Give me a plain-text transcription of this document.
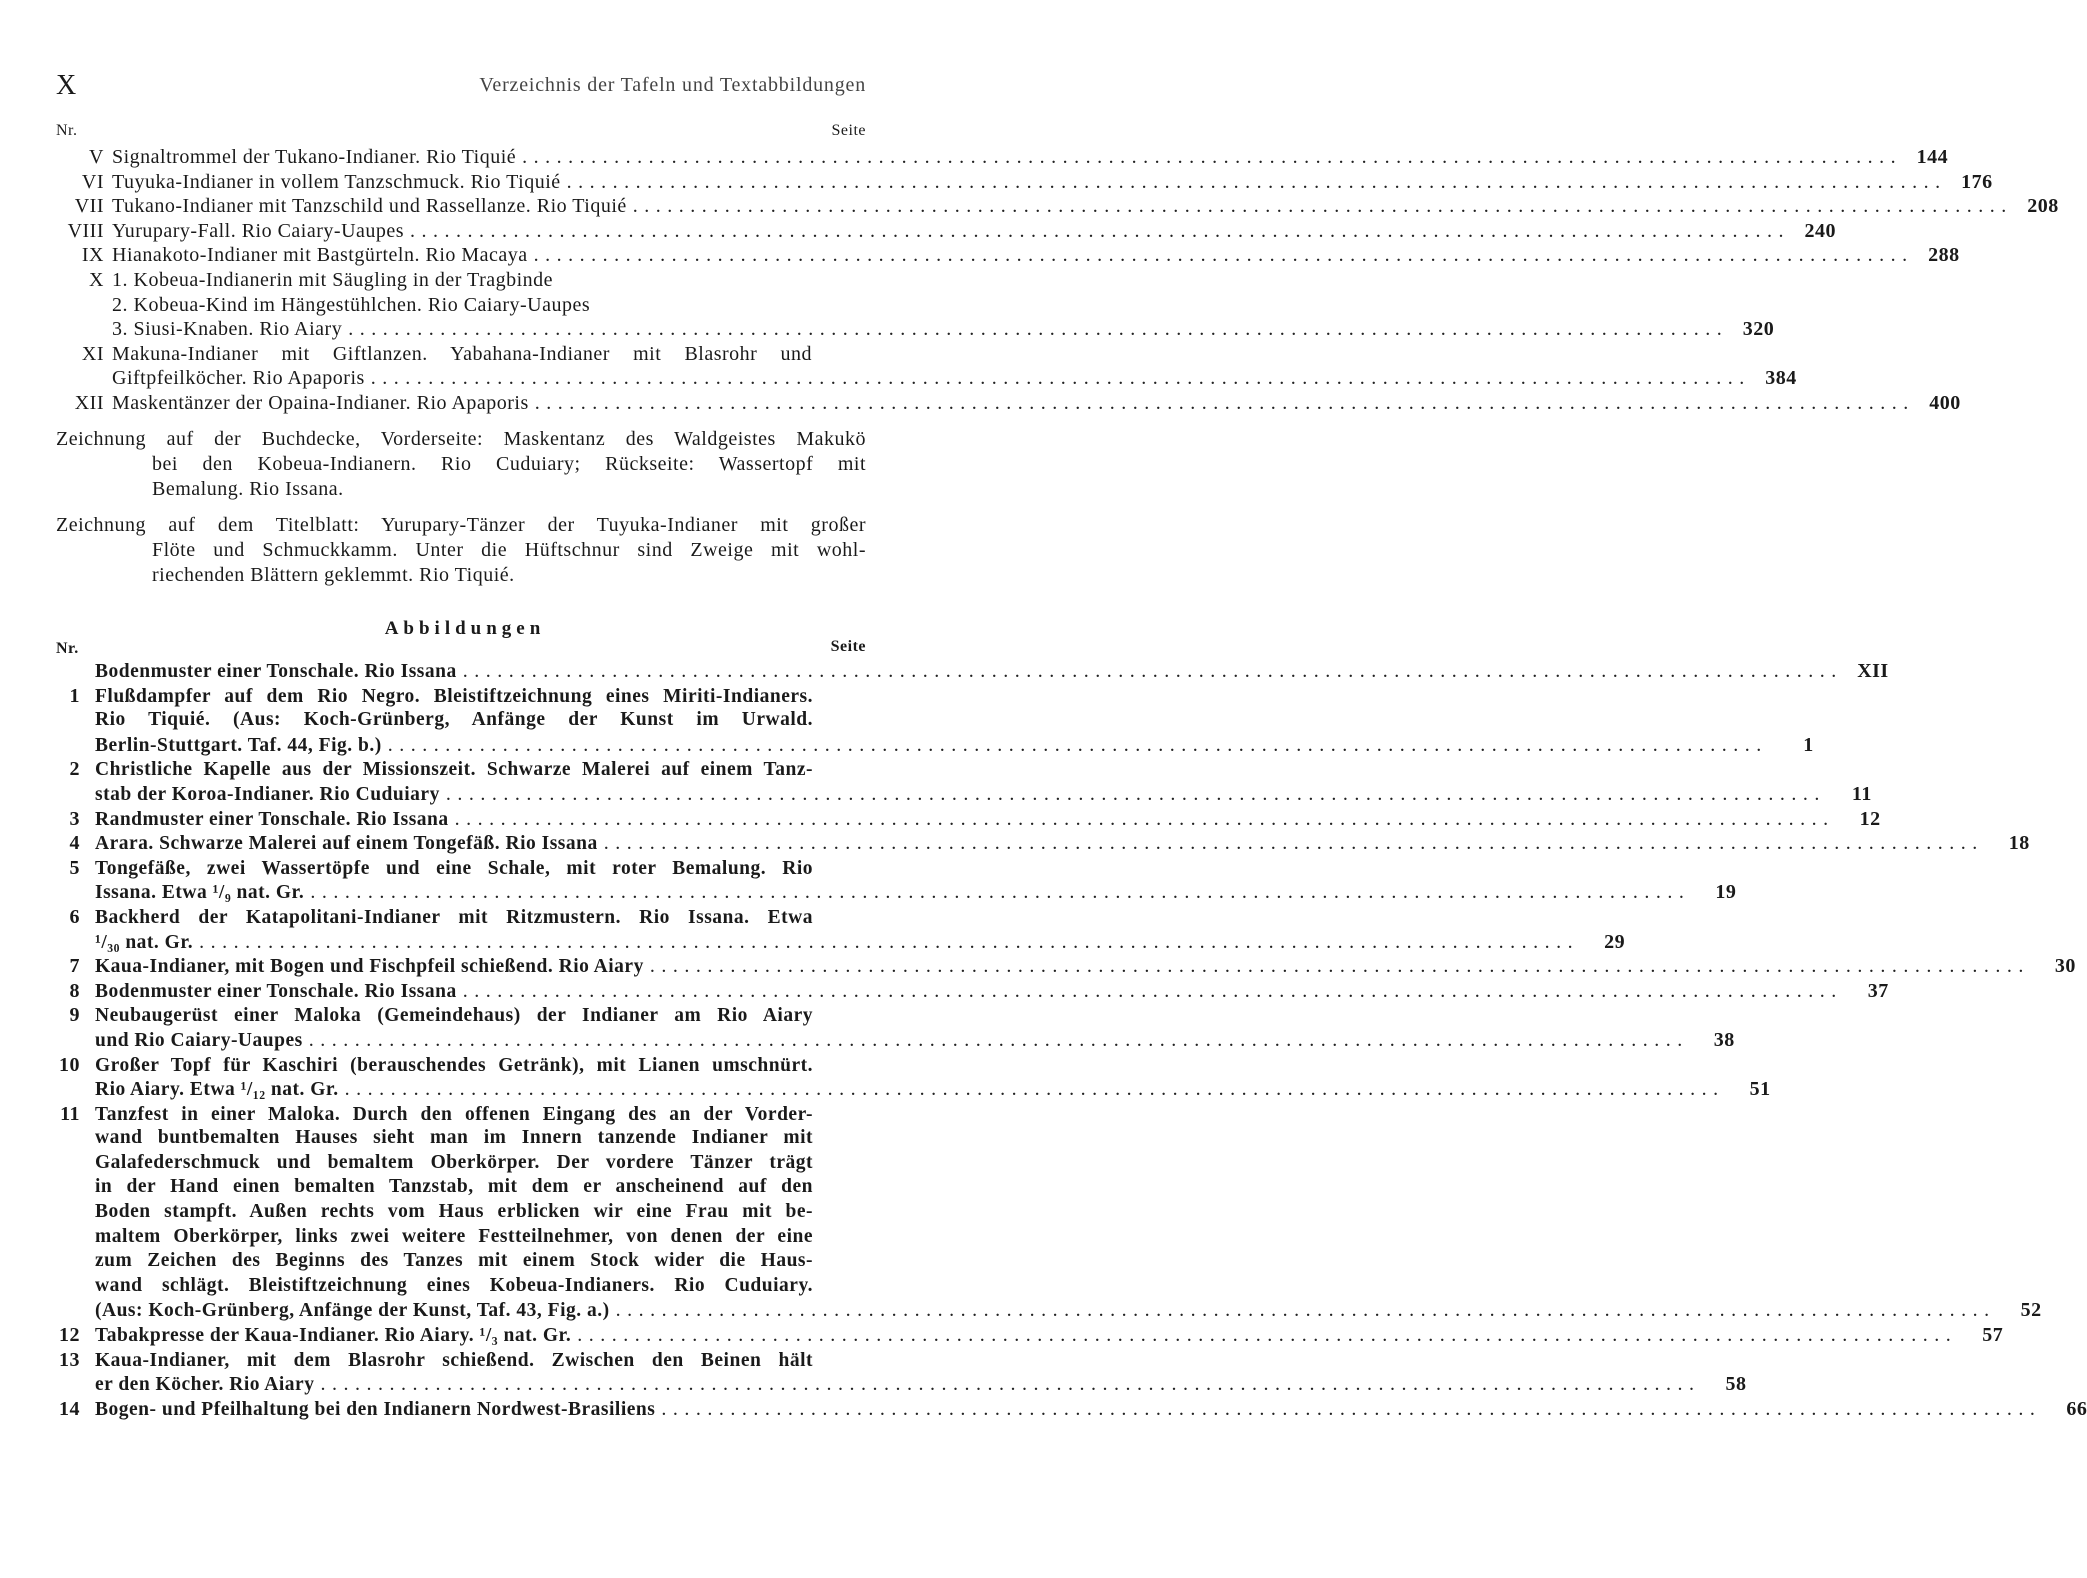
X	Verzeichnis der Tafeln und Textabbildungen
Nr.	Seite
V Signaltrommel der Tukano-Indianer. Rio Tiquié ........................................................................................................................ 144
VI Tuyuka-Indianer in vollem Tanzschmuck. Rio Tiquié ........................................................................................................................ 176
VII Tukano-Indianer mit Tanzschild und Rassellanze. Rio Tiquié ........................................................................................................................ 208
VIII Yurupary-Fall. Rio Caiary-Uaupes ........................................................................................................................ 240
IX Hianakoto-Indianer mit Bastgürteln. Rio Macaya ........................................................................................................................ 288
X 1. Kobeua-Indianerin mit Säugling in der Tragbinde
2. Kobeua-Kind im Hängestühlchen. Rio Caiary-Uaupes
3. Siusi-Knaben. Rio Aiary ........................................................................................................................ 320
XI Makuna-Indianer mit Giftlanzen. Yabahana-Indianer mit Blasrohr und
Giftpfeilköcher. Rio Apaporis ........................................................................................................................ 384
XII Maskentänzer der Opaina-Indianer. Rio Apaporis ........................................................................................................................ 400
Zeichnung auf der Buchdecke, Vorderseite: Maskentanz des Waldgeistes Makukö
bei den Kobeua-Indianern. Rio Cuduiary; Rückseite: Wassertopf mit
Bemalung. Rio Issana.
Zeichnung auf dem Titelblatt: Yurupary-Tänzer der Tuyuka-Indianer mit großer
Flöte und Schmuckkamm. Unter die Hüftschnur sind Zweige mit wohl-
riechenden Blättern geklemmt. Rio Tiquié.
Abbildungen
Nr.	Seite
Bodenmuster einer Tonschale. Rio Issana ........................................................................................................................ XII
1 Flußdampfer auf dem Rio Negro. Bleistiftzeichnung eines Miriti-Indianers.
Rio Tiquié. (Aus: Koch-Grünberg, Anfänge der Kunst im Urwald.
Berlin-Stuttgart. Taf. 44, Fig. b.) ........................................................................................................................	1
2 Christliche Kapelle aus der Missionszeit. Schwarze Malerei auf einem Tanz-
stab der Koroa-Indianer. Rio Cuduiary ........................................................................................................................	11
3 Randmuster einer Tonschale. Rio Issana ........................................................................................................................	12
4 Arara. Schwarze Malerei auf einem Tongefäß. Rio Issana ........................................................................................................................	18
5 Tongefäße, zwei Wassertöpfe und eine Schale, mit roter Bemalung. Rio
Issana. Etwa ¹/₉ nat. Gr. ........................................................................................................................	19
6 Backherd der Katapolitani-Indianer mit Ritzmustern. Rio Issana. Etwa
¹/₃₀ nat. Gr. ........................................................................................................................	29
7 Kaua-Indianer, mit Bogen und Fischpfeil schießend. Rio Aiary ........................................................................................................................	30
8 Bodenmuster einer Tonschale. Rio Issana ........................................................................................................................	37
9 Neubaugerüst einer Maloka (Gemeindehaus) der Indianer am Rio Aiary
und Rio Caiary-Uaupes ........................................................................................................................	38
10 Großer Topf für Kaschiri (berauschendes Getränk), mit Lianen umschnürt.
Rio Aiary. Etwa ¹/₁₂ nat. Gr. ........................................................................................................................	51
11 Tanzfest in einer Maloka. Durch den offenen Eingang des an der Vorder-
wand buntbemalten Hauses sieht man im Innern tanzende Indianer mit
Galafederschmuck und bemaltem Oberkörper. Der vordere Tänzer trägt
in der Hand einen bemalten Tanzstab, mit dem er anscheinend auf den
Boden stampft. Außen rechts vom Haus erblicken wir eine Frau mit be-
maltem Oberkörper, links zwei weitere Festteilnehmer, von denen der eine
zum Zeichen des Beginns des Tanzes mit einem Stock wider die Haus-
wand schlägt. Bleistiftzeichnung eines Kobeua-Indianers. Rio Cuduiary.
(Aus: Koch-Grünberg, Anfänge der Kunst, Taf. 43, Fig. a.) ........................................................................................................................	52
12 Tabakpresse der Kaua-Indianer. Rio Aiary. ¹/₃ nat. Gr. ........................................................................................................................	57
13 Kaua-Indianer, mit dem Blasrohr schießend. Zwischen den Beinen hält
er den Köcher. Rio Aiary ........................................................................................................................	58
14 Bogen- und Pfeilhaltung bei den Indianern Nordwest-Brasiliens ........................................................................................................................	66
